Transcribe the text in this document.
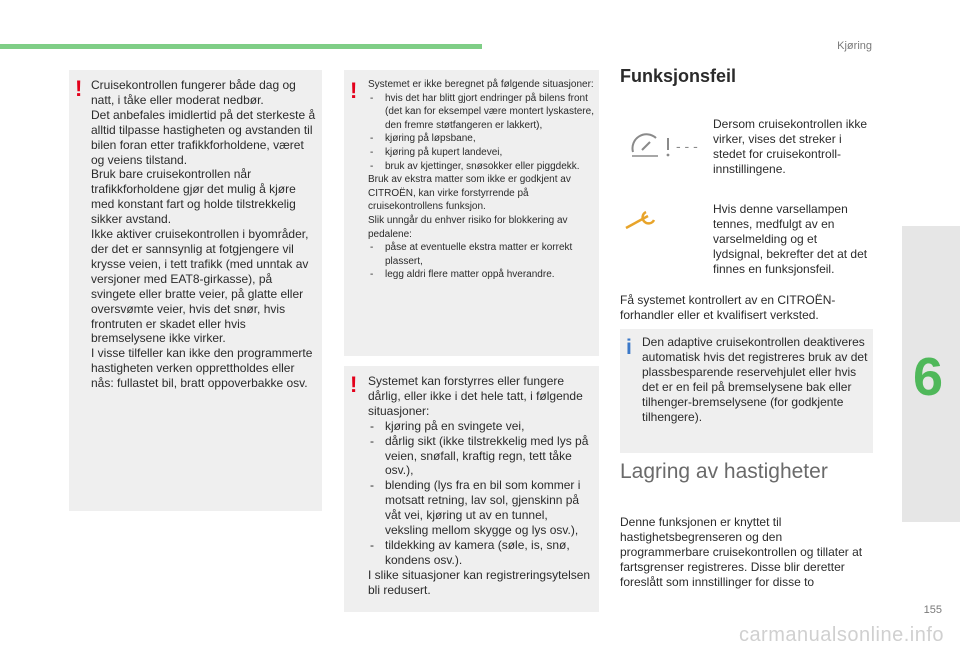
Kjøring
6
! Cruisekontrollen fungerer både dag og natt, i tåke eller moderat nedbør.
Det anbefales imidlertid på det sterkeste å alltid tilpasse hastigheten og avstanden til bilen foran etter trafikkforholdene, været og veiens tilstand.
Bruk bare cruisekontrollen når trafikkforholdene gjør det mulig å kjøre med konstant fart og holde tilstrekkelig sikker avstand.
Ikke aktiver cruisekontrollen i byområder, der det er sannsynlig at fotgjengere vil krysse veien, i tett trafikk (med unntak av versjoner med EAT8-girkasse), på svingete eller bratte veier, på glatte eller oversvømte veier, hvis det snør, hvis frontruten er skadet eller hvis bremselysene ikke virker.
I visse tilfeller kan ikke den programmerte hastigheten verken opprettholdes eller nås: fullastet bil, bratt oppoverbakke osv.
! Systemet er ikke beregnet på følgende situasjoner:
- hvis det har blitt gjort endringer på bilens front (det kan for eksempel være montert lyskastere, den fremre støtfangeren er lakkert),
- kjøring på løpsbane,
- kjøring på kupert landevei,
- bruk av kjettinger, snøsokker eller piggdekk.
Bruk av ekstra matter som ikke er godkjent av CITROËN, kan virke forstyrrende på cruisekontrollens funksjon.
Slik unngår du enhver risiko for blokkering av pedalene:
- påse at eventuelle ekstra matter er korrekt plassert,
- legg aldri flere matter oppå hverandre.
! Systemet kan forstyrres eller fungere dårlig, eller ikke i det hele tatt, i følgende situasjoner:
- kjøring på en svingete vei,
- dårlig sikt (ikke tilstrekkelig med lys på veien, snøfall, kraftig regn, tett tåke osv.),
- blending (lys fra en bil som kommer i motsatt retning, lav sol, gjenskinn på våt vei, kjøring ut av en tunnel, veksling mellom skygge og lys osv.),
- tildekking av kamera (søle, is, snø, kondens osv.).
I slike situasjoner kan registreringsytelsen bli redusert.
Funksjonsfeil
- - -
Dersom cruisekontrollen ikke virker, vises det streker i stedet for cruisekontroll-innstillingene.
Hvis denne varsellampen tennes, medfulgt av en varselmelding og et lydsignal, bekrefter det at det finnes en funksjonsfeil.
Få systemet kontrollert av en CITROËN-forhandler eller et kvalifisert verksted.
i Den adaptive cruisekontrollen deaktiveres automatisk hvis det registreres bruk av det plassbesparende reservehjulet eller hvis det er en feil på bremselysene bak eller tilhenger-bremselysene (for godkjente tilhengere).
Lagring av hastigheter
Denne funksjonen er knyttet til hastighetsbegrenseren og den programmerbare cruisekontrollen og tillater at fartsgrenser registreres. Disse blir deretter foreslått som innstillinger for disse to
155
carmanualsonline.info
